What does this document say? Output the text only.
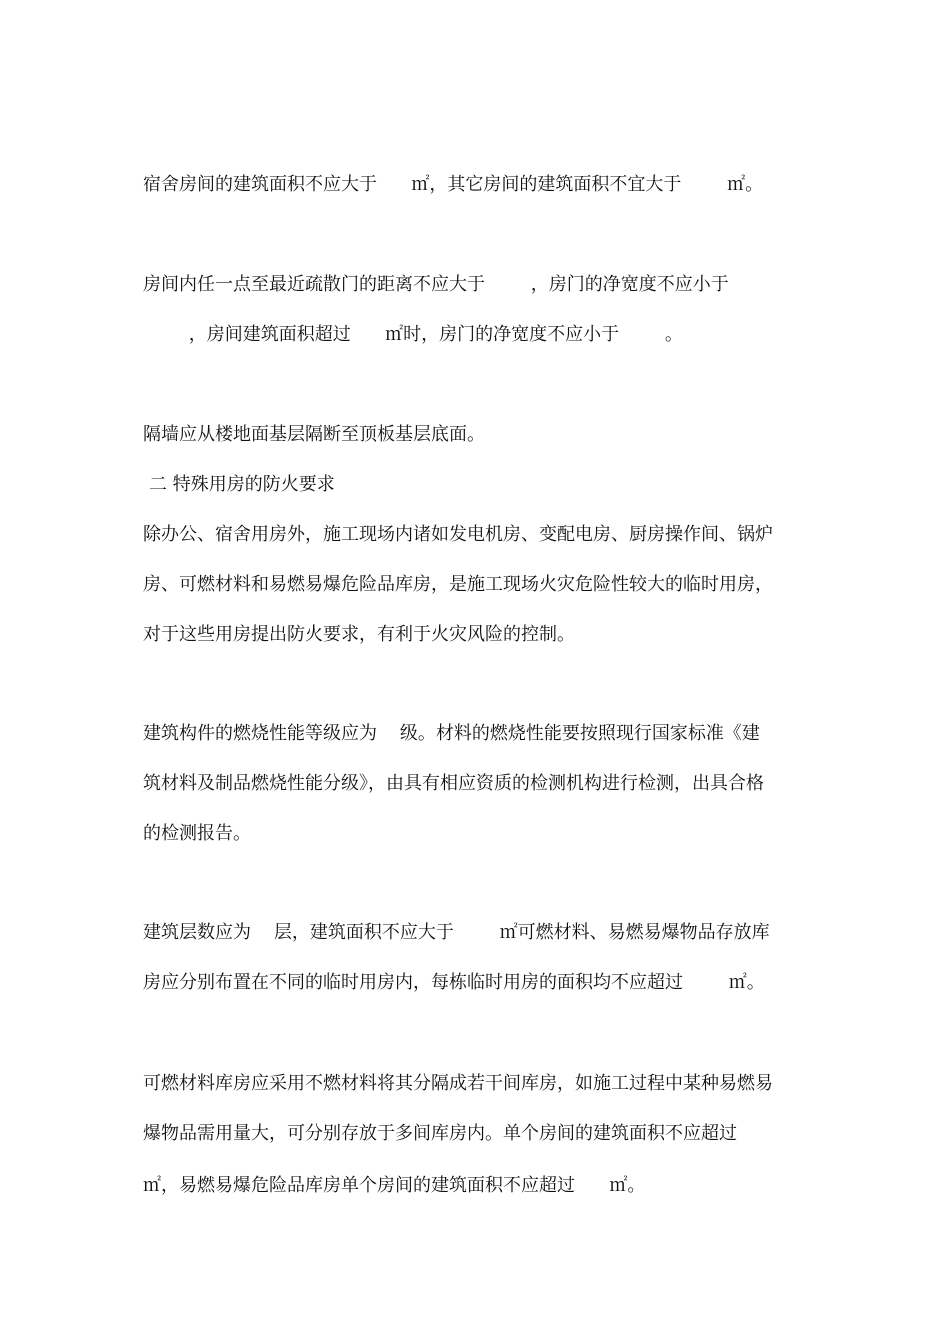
宿舍房间的建筑面积不应大于      ㎡，其它房间的建筑面积不宜大于        ㎡。

房间内任一点至最近疏散门的距离不应大于        ，房门的净宽度不应小于

，房间建筑面积超过      ㎡时，房门的净宽度不应小于        。

隔墙应从楼地面基层隔断至顶板基层底面。

二 特殊用房的防火要求

除办公、宿舍用房外，施工现场内诸如发电机房、变配电房、厨房操作间、锅炉

房、可燃材料和易燃易爆危险品库房，是施工现场火灾危险性较大的临时用房，

对于这些用房提出防火要求，有利于火灾风险的控制。

建筑构件的燃烧性能等级应为    级。材料的燃烧性能要按照现行国家标准《建

筑材料及制品燃烧性能分级》，由具有相应资质的检测机构进行检测，出具合格

的检测报告。

建筑层数应为    层，建筑面积不应大于        ㎡可燃材料、易燃易爆物品存放库

房应分别布置在不同的临时用房内，每栋临时用房的面积均不应超过        ㎡。

可燃材料库房应采用不燃材料将其分隔成若干间库房，如施工过程中某种易燃易

爆物品需用量大，可分别存放于多间库房内。单个房间的建筑面积不应超过

㎡，易燃易爆危险品库房单个房间的建筑面积不应超过      ㎡。
